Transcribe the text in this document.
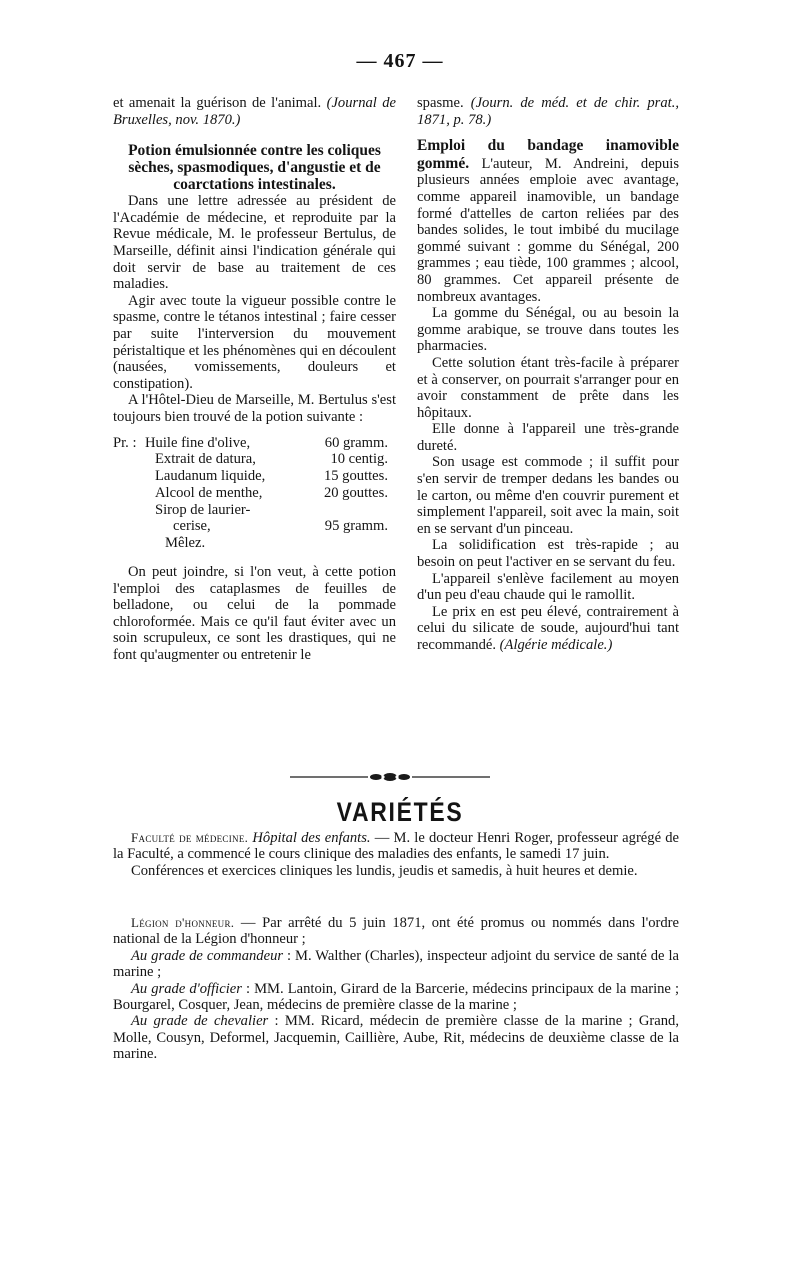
— 467 —

et amenait la guérison de l'animal. (Journal de Bruxelles, nov. 1870.)

Potion émulsionnée contre les coliques sèches, spasmodiques, d'angustie et de coarctations intestinales.

Dans une lettre adressée au président de l'Académie de médecine, et reproduite par la Revue médicale, M. le professeur Bertulus, de Marseille, définit ainsi l'indication générale qui doit servir de base au traitement de ces maladies.

Agir avec toute la vigueur possible contre le spasme, contre le tétanos intestinal ; faire cesser par suite l'interversion du mouvement péristaltique et les phénomènes qui en découlent (nausées, vomissements, douleurs et constipation).

A l'Hôtel-Dieu de Marseille, M. Bertulus s'est toujours bien trouvé de la potion suivante :

Pr. :	Huile fine d'olive,	60 gramm.
	Extrait de datura,	10 centig.
	Laudanum liquide,	15 gouttes.
	Alcool de menthe,	20 gouttes.
	Sirop de laurier-	
	cerise,	95 gramm.
	Mêlez.	

On peut joindre, si l'on veut, à cette potion l'emploi des cataplasmes de feuilles de belladone, ou celui de la pommade chloroformée. Mais ce qu'il faut éviter avec un soin scrupuleux, ce sont les drastiques, qui ne font qu'augmenter ou entretenir le

spasme. (Journ. de méd. et de chir. prat., 1871, p. 78.)

Emploi du bandage inamovible gommé. L'auteur, M. Andreini, depuis plusieurs années emploie avec avantage, comme appareil inamovible, un bandage formé d'attelles de carton reliées par des bandes solides, le tout imbibé du mucilage gommé suivant : gomme du Sénégal, 200 grammes ; eau tiède, 100 grammes ; alcool, 80 grammes. Cet appareil présente de nombreux avantages.

La gomme du Sénégal, ou au besoin la gomme arabique, se trouve dans toutes les pharmacies.

Cette solution étant très-facile à préparer et à conserver, on pourrait s'arranger pour en avoir constamment de prête dans les hôpitaux.

Elle donne à l'appareil une très-grande dureté.

Son usage est commode ; il suffit pour s'en servir de tremper dedans les bandes ou le carton, ou même d'en couvrir purement et simplement l'appareil, soit avec la main, soit en se servant d'un pinceau.

La solidification est très-rapide ; au besoin on peut l'activer en se servant du feu.

L'appareil s'enlève facilement au moyen d'un peu d'eau chaude qui le ramollit.

Le prix en est peu élevé, contrairement à celui du silicate de soude, aujourd'hui tant recommandé. (Algérie médicale.)

VARIÉTÉS

Faculté de médecine. Hôpital des enfants. — M. le docteur Henri Roger, professeur agrégé de la Faculté, a commencé le cours clinique des maladies des enfants, le samedi 17 juin.

Conférences et exercices cliniques les lundis, jeudis et samedis, à huit heures et demie.

Légion d'honneur. — Par arrêté du 5 juin 1871, ont été promus ou nommés dans l'ordre national de la Légion d'honneur ;

Au grade de commandeur : M. Walther (Charles), inspecteur adjoint du service de santé de la marine ;

Au grade d'officier : MM. Lantoin, Girard de la Barcerie, médecins principaux de la marine ; Bourgarel, Cosquer, Jean, médecins de première classe de la marine ;

Au grade de chevalier : MM. Ricard, médecin de première classe de la marine ; Grand, Molle, Cousyn, Deformel, Jacquemin, Caillière, Aube, Rit, médecins de deuxième classe de la marine.
